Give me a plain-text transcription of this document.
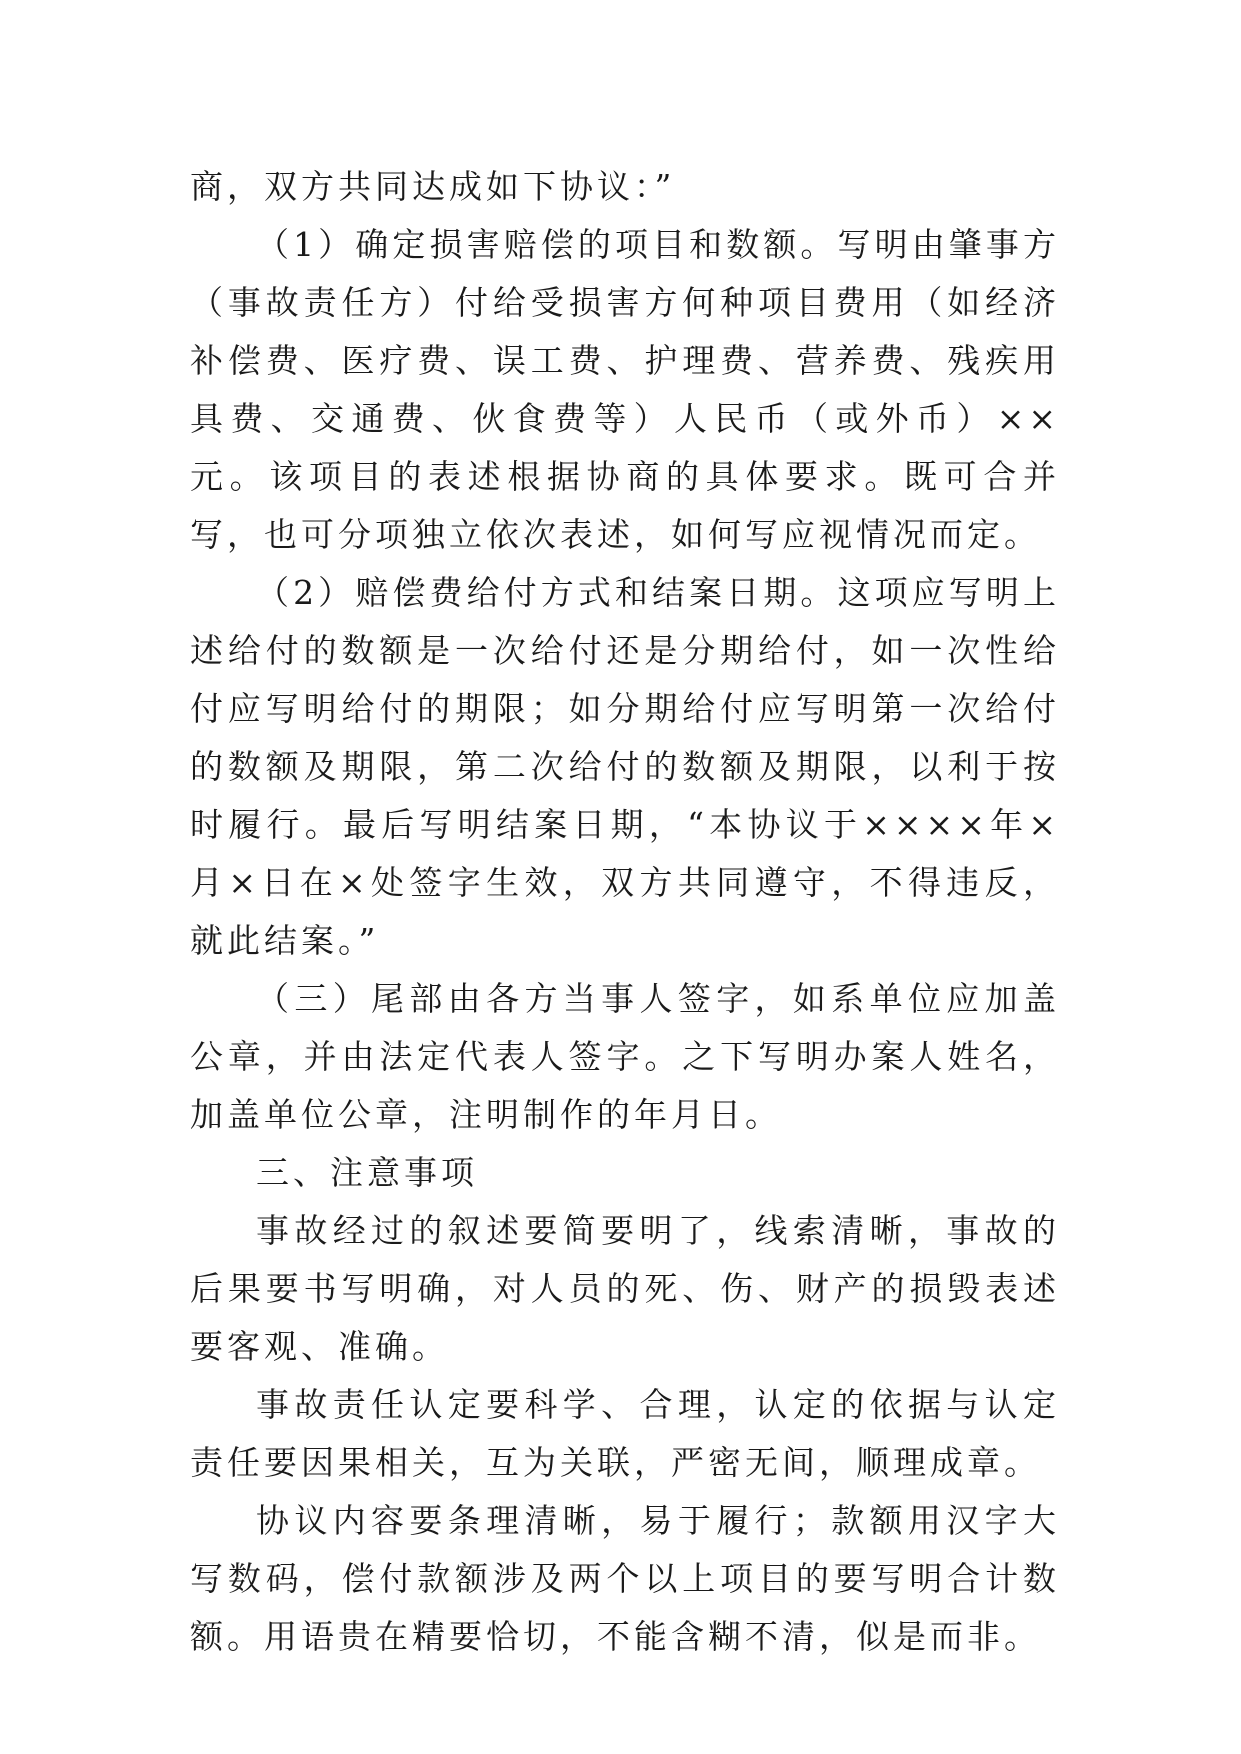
商，双方共同达成如下协议：”

（1）确定损害赔偿的项目和数额。写明由肇事方（事故责任方）付给受损害方何种项目费用（如经济补偿费、医疗费、误工费、护理费、营养费、残疾用具费、交通费、伙食费等）人民币（或外币）××元。该项目的表述根据协商的具体要求。既可合并写，也可分项独立依次表述，如何写应视情况而定。

（2）赔偿费给付方式和结案日期。这项应写明上述给付的数额是一次给付还是分期给付，如一次性给付应写明给付的期限；如分期给付应写明第一次给付的数额及期限，第二次给付的数额及期限，以利于按时履行。最后写明结案日期，“本协议于××××年×月×日在×处签字生效，双方共同遵守，不得违反，就此结案。”

（三）尾部由各方当事人签字，如系单位应加盖公章，并由法定代表人签字。之下写明办案人姓名，加盖单位公章，注明制作的年月日。

三、注意事项

事故经过的叙述要简要明了，线索清晰，事故的后果要书写明确，对人员的死、伤、财产的损毁表述要客观、准确。

事故责任认定要科学、合理，认定的依据与认定责任要因果相关，互为关联，严密无间，顺理成章。

协议内容要条理清晰，易于履行；款额用汉字大写数码，偿付款额涉及两个以上项目的要写明合计数额。用语贵在精要恰切，不能含糊不清，似是而非。
